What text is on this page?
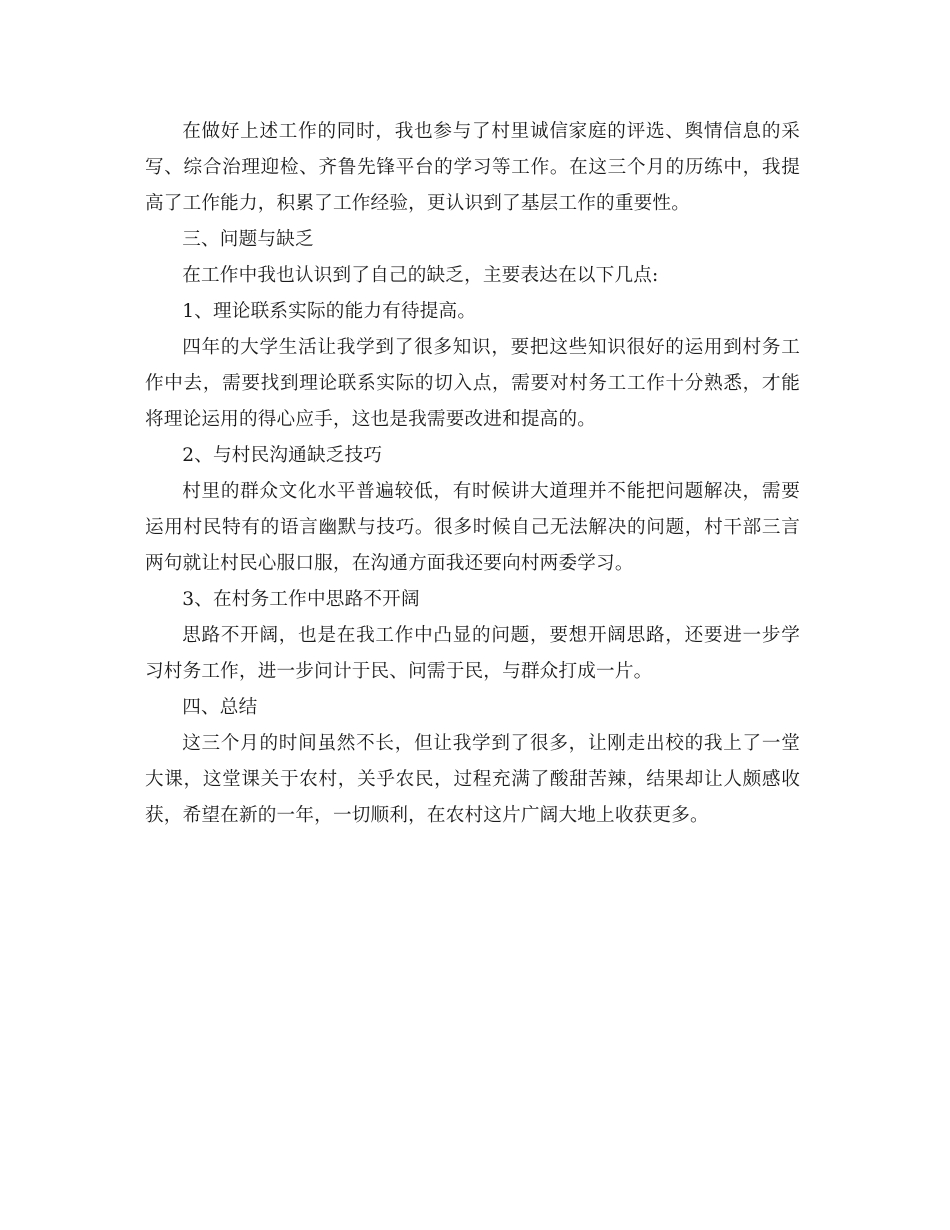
在做好上述工作的同时，我也参与了村里诚信家庭的评选、舆情信息的采写、综合治理迎检、齐鲁先锋平台的学习等工作。在这三个月的历练中，我提高了工作能力，积累了工作经验，更认识到了基层工作的重要性。

三、问题与缺乏

在工作中我也认识到了自己的缺乏，主要表达在以下几点:

1、理论联系实际的能力有待提高。

四年的大学生活让我学到了很多知识，要把这些知识很好的运用到村务工作中去，需要找到理论联系实际的切入点，需要对村务工工作十分熟悉，才能将理论运用的得心应手，这也是我需要改进和提高的。

2、与村民沟通缺乏技巧

村里的群众文化水平普遍较低，有时候讲大道理并不能把问题解决，需要运用村民特有的语言幽默与技巧。很多时候自己无法解决的问题，村干部三言两句就让村民心服口服，在沟通方面我还要向村两委学习。

3、在村务工作中思路不开阔

思路不开阔，也是在我工作中凸显的问题，要想开阔思路，还要进一步学习村务工作，进一步问计于民、问需于民，与群众打成一片。

四、总结

这三个月的时间虽然不长，但让我学到了很多，让刚走出校的我上了一堂大课，这堂课关于农村，关乎农民，过程充满了酸甜苦辣，结果却让人颇感收获，希望在新的一年，一切顺利，在农村这片广阔大地上收获更多。
